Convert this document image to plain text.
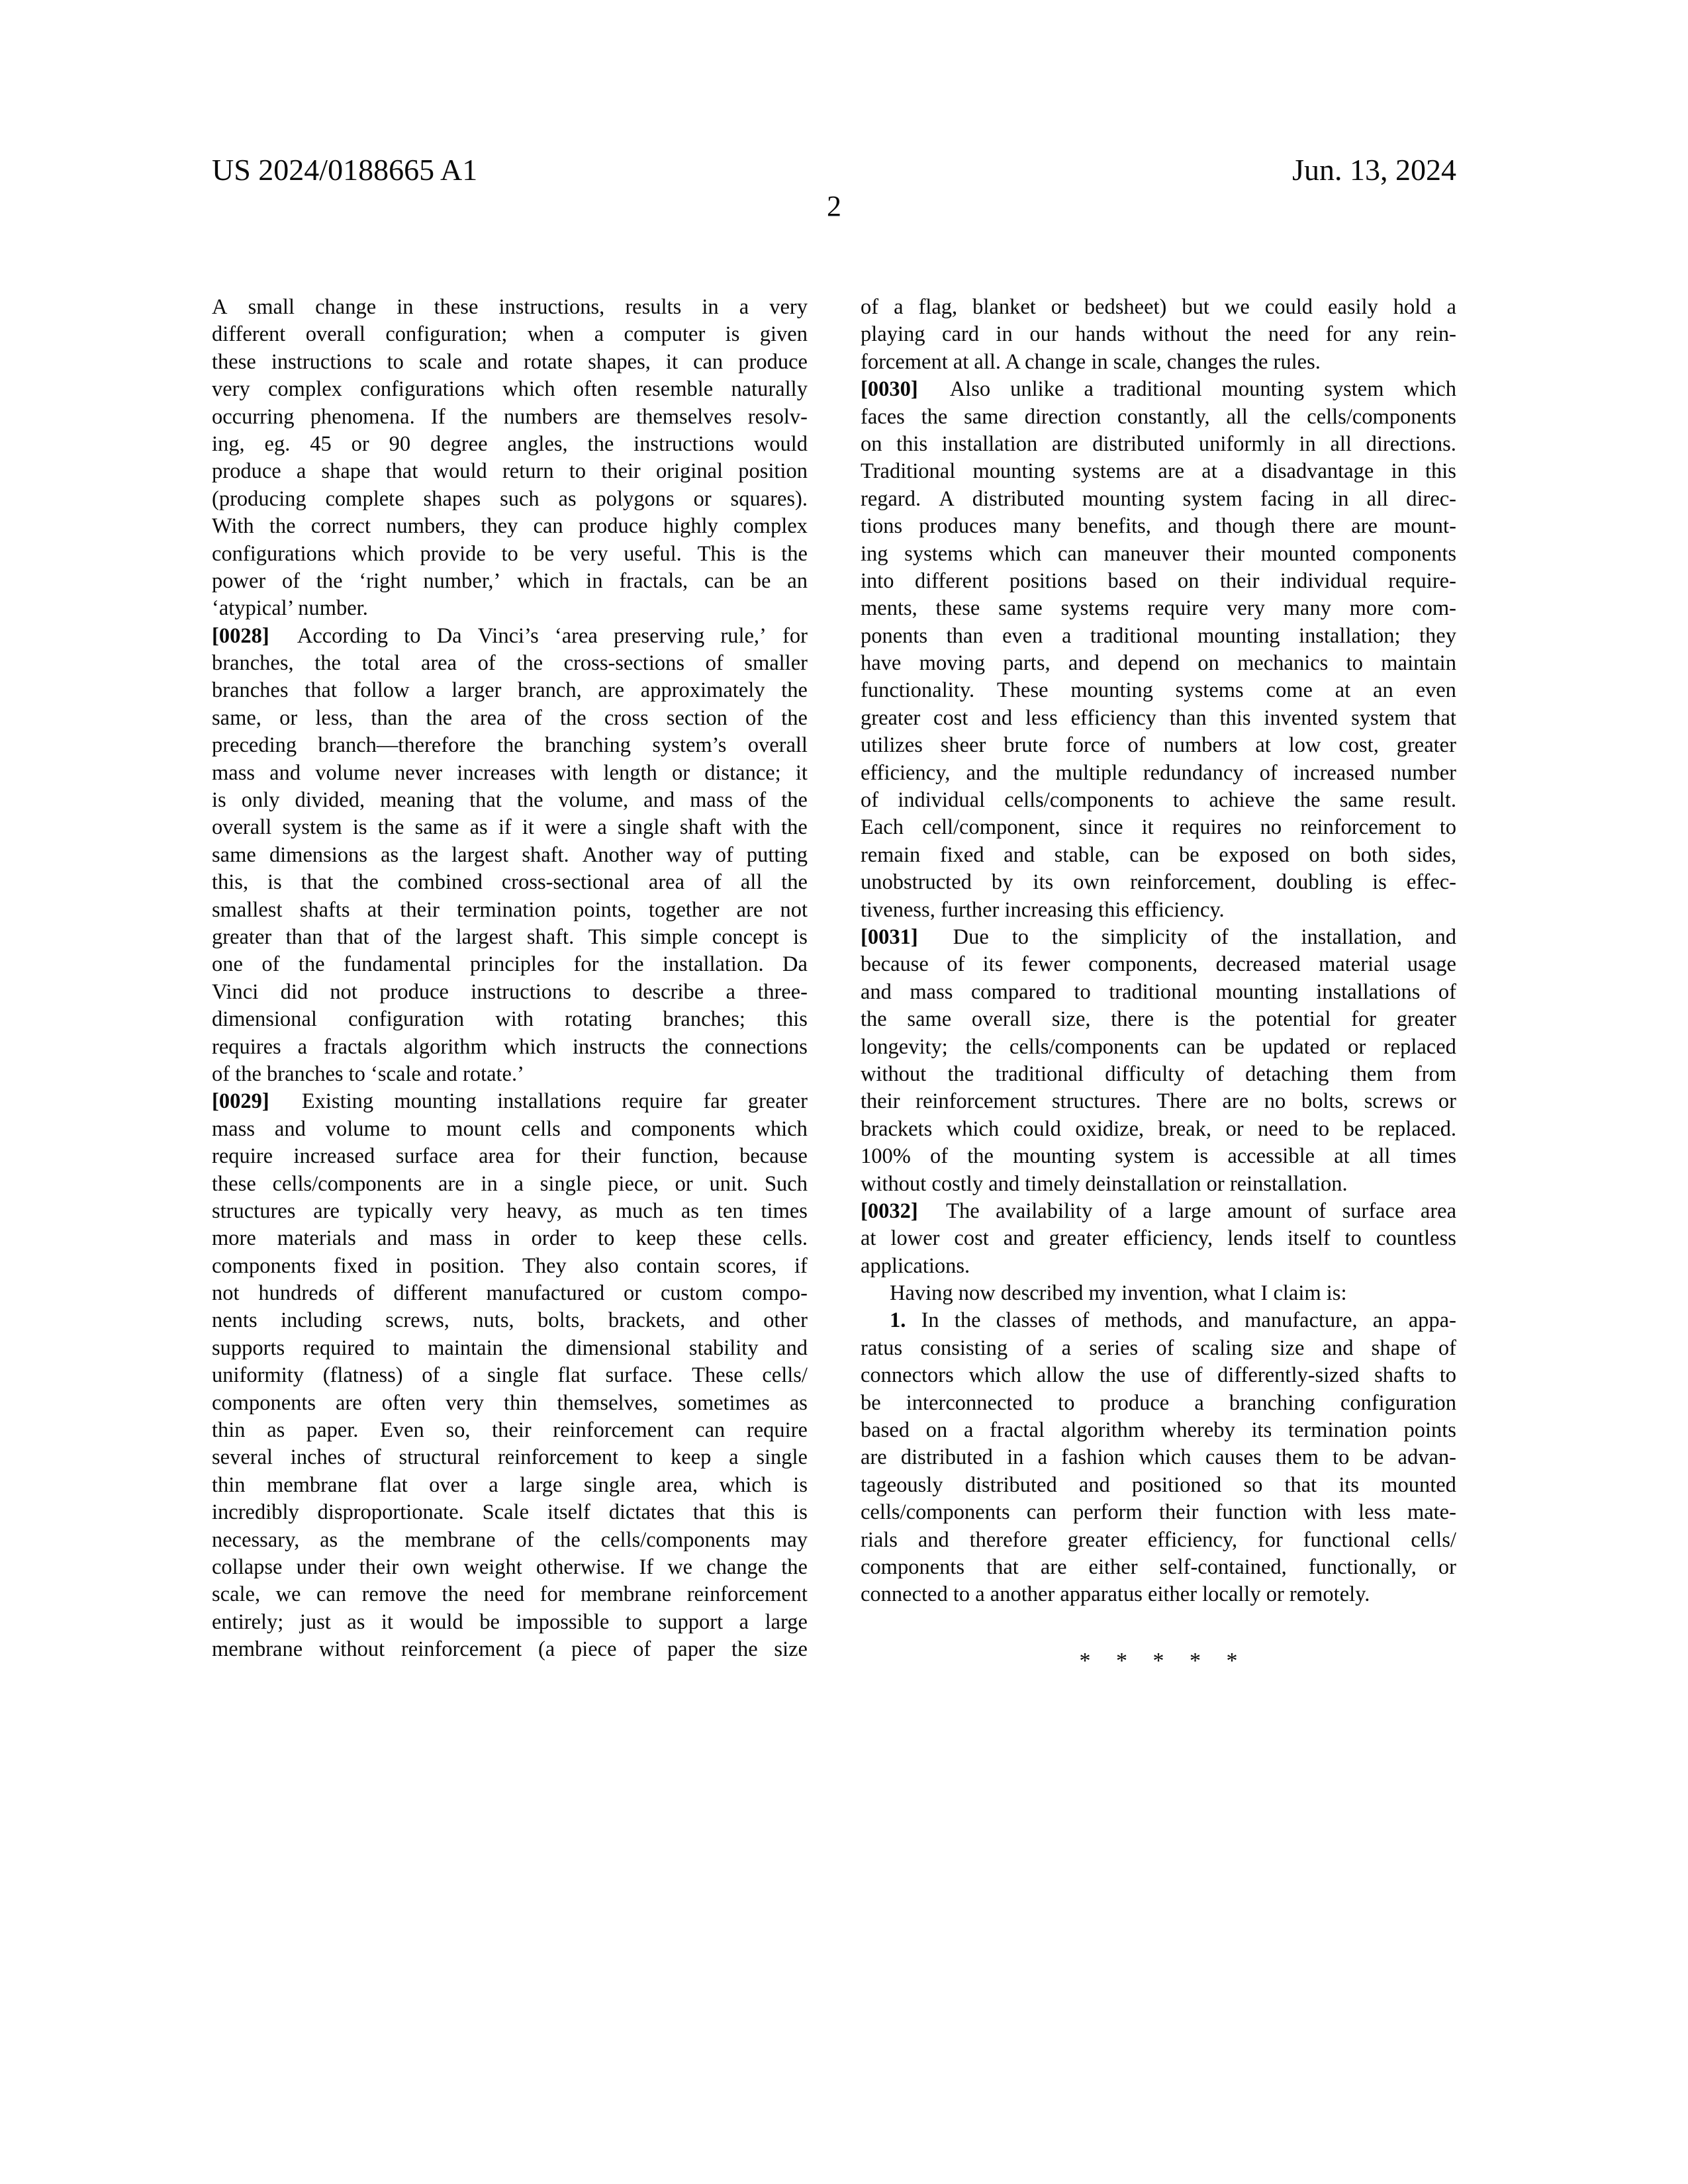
US 2024/0188665 A1	Jun. 13, 2024
2
A small change in these instructions, results in a very
different overall configuration; when a computer is given
these instructions to scale and rotate shapes, it can produce
very complex configurations which often resemble naturally
occurring phenomena. If the numbers are themselves resolv-
ing, eg. 45 or 90 degree angles, the instructions would
produce a shape that would return to their original position
(producing complete shapes such as polygons or squares).
With the correct numbers, they can produce highly complex
configurations which provide to be very useful. This is the
power of the ‘right number,’ which in fractals, can be an
‘atypical’ number.
[0028] According to Da Vinci’s ‘area preserving rule,’ for
branches, the total area of the cross-sections of smaller
branches that follow a larger branch, are approximately the
same, or less, than the area of the cross section of the
preceding branch—therefore the branching system’s overall
mass and volume never increases with length or distance; it
is only divided, meaning that the volume, and mass of the
overall system is the same as if it were a single shaft with the
same dimensions as the largest shaft. Another way of putting
this, is that the combined cross-sectional area of all the
smallest shafts at their termination points, together are not
greater than that of the largest shaft. This simple concept is
one of the fundamental principles for the installation. Da
Vinci did not produce instructions to describe a three-
dimensional configuration with rotating branches; this
requires a fractals algorithm which instructs the connections
of the branches to ‘scale and rotate.’
[0029] Existing mounting installations require far greater
mass and volume to mount cells and components which
require increased surface area for their function, because
these cells/components are in a single piece, or unit. Such
structures are typically very heavy, as much as ten times
more materials and mass in order to keep these cells.
components fixed in position. They also contain scores, if
not hundreds of different manufactured or custom compo-
nents including screws, nuts, bolts, brackets, and other
supports required to maintain the dimensional stability and
uniformity (flatness) of a single flat surface. These cells/
components are often very thin themselves, sometimes as
thin as paper. Even so, their reinforcement can require
several inches of structural reinforcement to keep a single
thin membrane flat over a large single area, which is
incredibly disproportionate. Scale itself dictates that this is
necessary, as the membrane of the cells/components may
collapse under their own weight otherwise. If we change the
scale, we can remove the need for membrane reinforcement
entirely; just as it would be impossible to support a large
membrane without reinforcement (a piece of paper the size
of a flag, blanket or bedsheet) but we could easily hold a
playing card in our hands without the need for any rein-
forcement at all. A change in scale, changes the rules.
[0030] Also unlike a traditional mounting system which
faces the same direction constantly, all the cells/components
on this installation are distributed uniformly in all directions.
Traditional mounting systems are at a disadvantage in this
regard. A distributed mounting system facing in all direc-
tions produces many benefits, and though there are mount-
ing systems which can maneuver their mounted components
into different positions based on their individual require-
ments, these same systems require very many more com-
ponents than even a traditional mounting installation; they
have moving parts, and depend on mechanics to maintain
functionality. These mounting systems come at an even
greater cost and less efficiency than this invented system that
utilizes sheer brute force of numbers at low cost, greater
efficiency, and the multiple redundancy of increased number
of individual cells/components to achieve the same result.
Each cell/component, since it requires no reinforcement to
remain fixed and stable, can be exposed on both sides,
unobstructed by its own reinforcement, doubling is effec-
tiveness, further increasing this efficiency.
[0031] Due to the simplicity of the installation, and
because of its fewer components, decreased material usage
and mass compared to traditional mounting installations of
the same overall size, there is the potential for greater
longevity; the cells/components can be updated or replaced
without the traditional difficulty of detaching them from
their reinforcement structures. There are no bolts, screws or
brackets which could oxidize, break, or need to be replaced.
100% of the mounting system is accessible at all times
without costly and timely deinstallation or reinstallation.
[0032] The availability of a large amount of surface area
at lower cost and greater efficiency, lends itself to countless
applications.
Having now described my invention, what I claim is:
1. In the classes of methods, and manufacture, an appa-
ratus consisting of a series of scaling size and shape of
connectors which allow the use of differently-sized shafts to
be interconnected to produce a branching configuration
based on a fractal algorithm whereby its termination points
are distributed in a fashion which causes them to be advan-
tageously distributed and positioned so that its mounted
cells/components can perform their function with less mate-
rials and therefore greater efficiency, for functional cells/
components that are either self-contained, functionally, or
connected to a another apparatus either locally or remotely.
* * * * *
